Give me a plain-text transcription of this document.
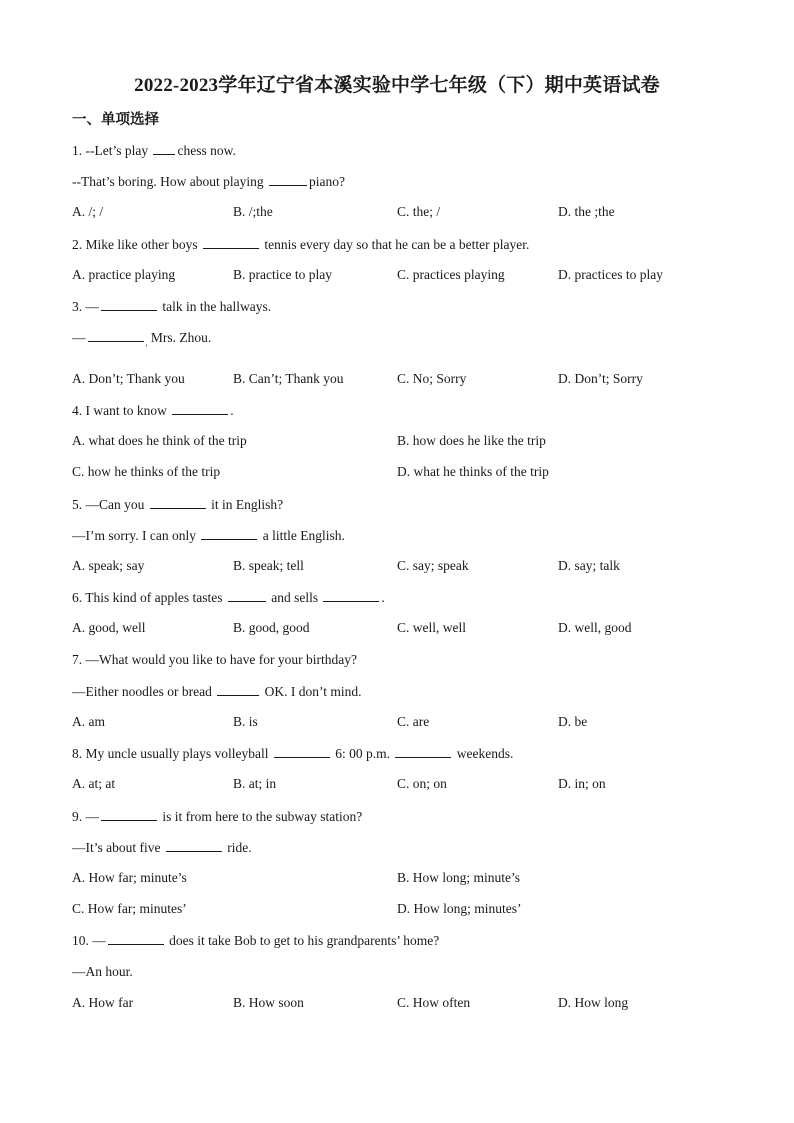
2022-2023学年辽宁省本溪实验中学七年级（下）期中英语试卷
一、单项选择
1. --Let’s play chess now.
--That’s boring. How about playing	piano?
A. /; /	B. /;the	C. the; /	D. the ;the
2. Mike like other boys	tennis every day so that he can be a better player.
A. practice playing	B. practice to play	C. practices playing	D. practices to play
3. —	talk in the hallways.
—	$_,$ Mrs. Zhou.
A. Don’t; Thank you	B. Can’t; Thank you	C. No; Sorry	D. Don’t; Sorry
4. I want to know	.
A. what does he think of the trip	B. how does he like the trip
C. how he thinks of the trip	D. what he thinks of the trip
5. —Can you	it in English?
—I’m sorry. I can only	a little English.
A. speak; say	B. speak; tell	C. say; speak	D. say; talk
6. This kind of apples tastes	and sells	.
A. good, well	B. good, good	C. well, well	D. well, good
7. —What would you like to have for your birthday?
—Either noodles or bread	OK. I don’t mind.
A. am	B. is	C. are	D. be
8. My uncle usually plays volleyball	6: 00 p.m.	weekends.
A. at; at	B. at; in	C. on; on	D. in; on
9. —	is it from here to the subway station?
—It’s about five	ride.
A. How far; minute’s	B. How long; minute’s
C. How far; minutes’	D. How long; minutes’
10. —	does it take Bob to get to his grandparents’ home?
—An hour.
A. How far	B. How soon	C. How often	D. How long
